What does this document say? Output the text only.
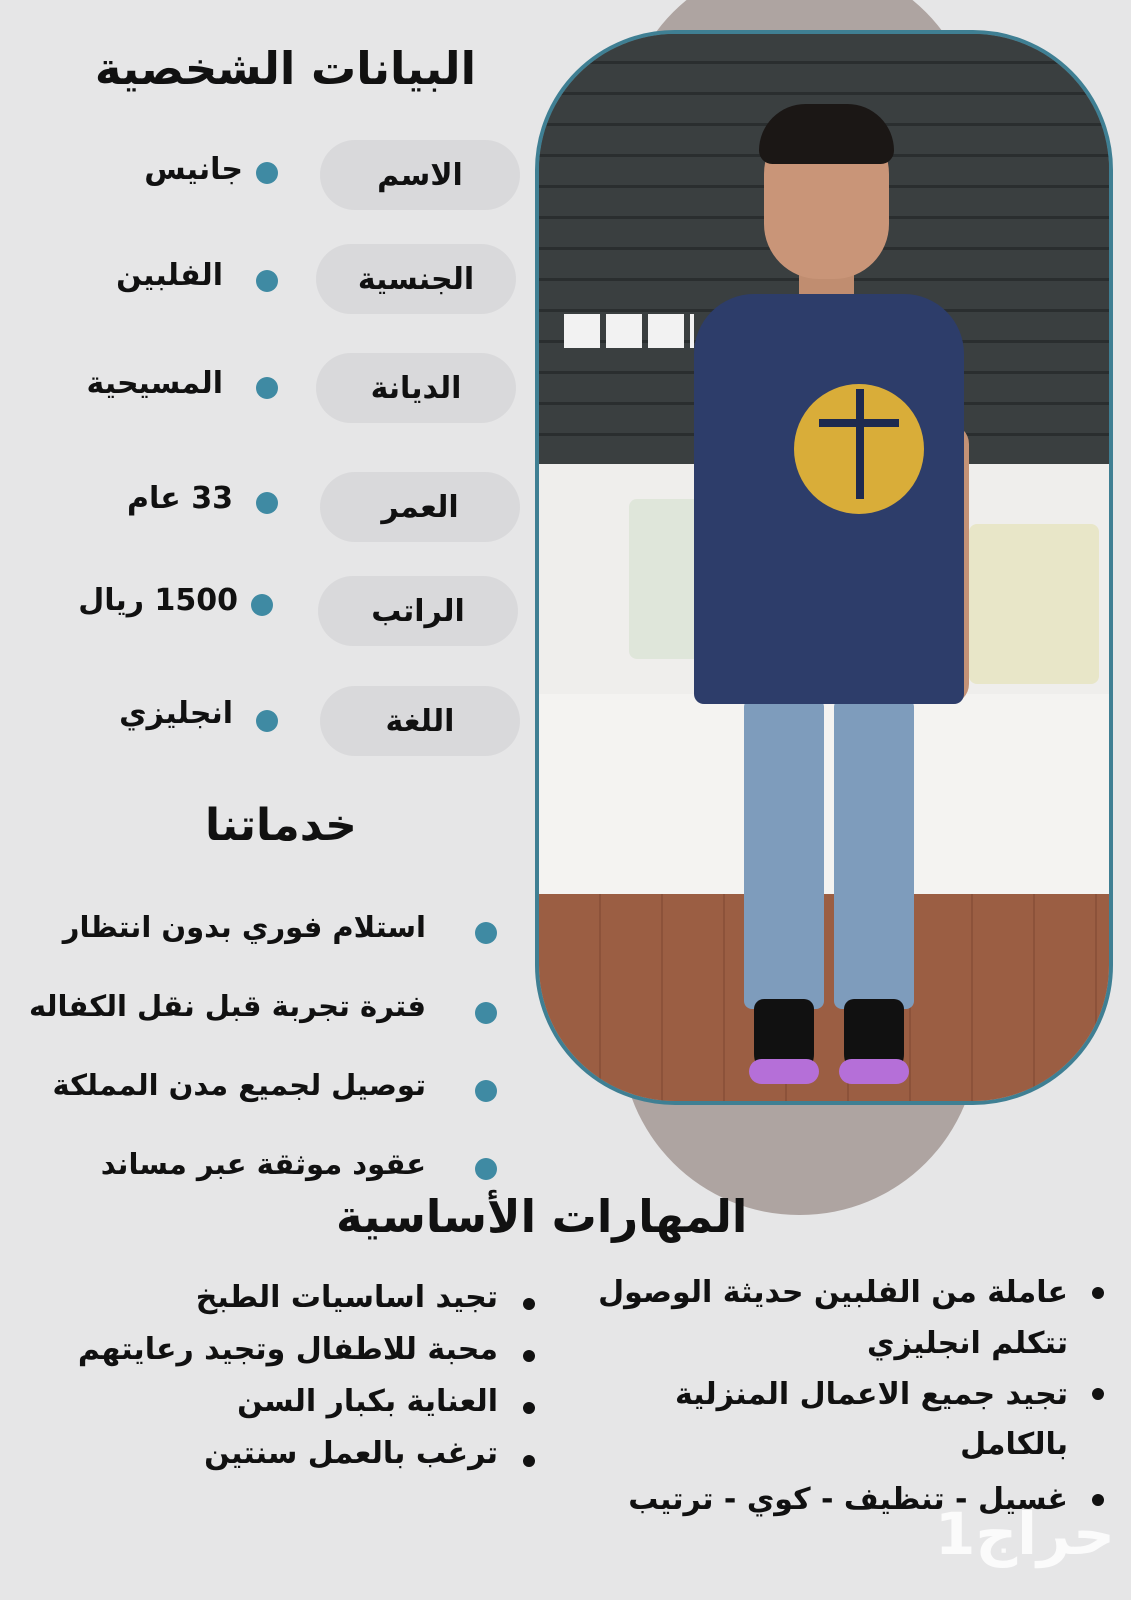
البيانات الشخصية
الاسم
جانيس
الجنسية
الفلبين
الديانة
المسيحية
العمر
33 عام
الراتب
1500 ريال
اللغة
انجليزي
خدماتنا
استلام فوري بدون انتظار
فترة تجربة قبل نقل الكفاله
توصيل لجميع مدن المملكة
عقود موثقة عبر مساند
المهارات الأساسية
عاملة من الفلبين حديثة الوصول
تتكلم انجليزي
تجيد جميع الاعمال المنزلية
بالكامل
غسيل - تنظيف - كوي - ترتيب
تجيد اساسيات الطبخ
محبة للاطفال وتجيد رعايتهم
العناية بكبار السن
ترغب بالعمل سنتين
حراج1
